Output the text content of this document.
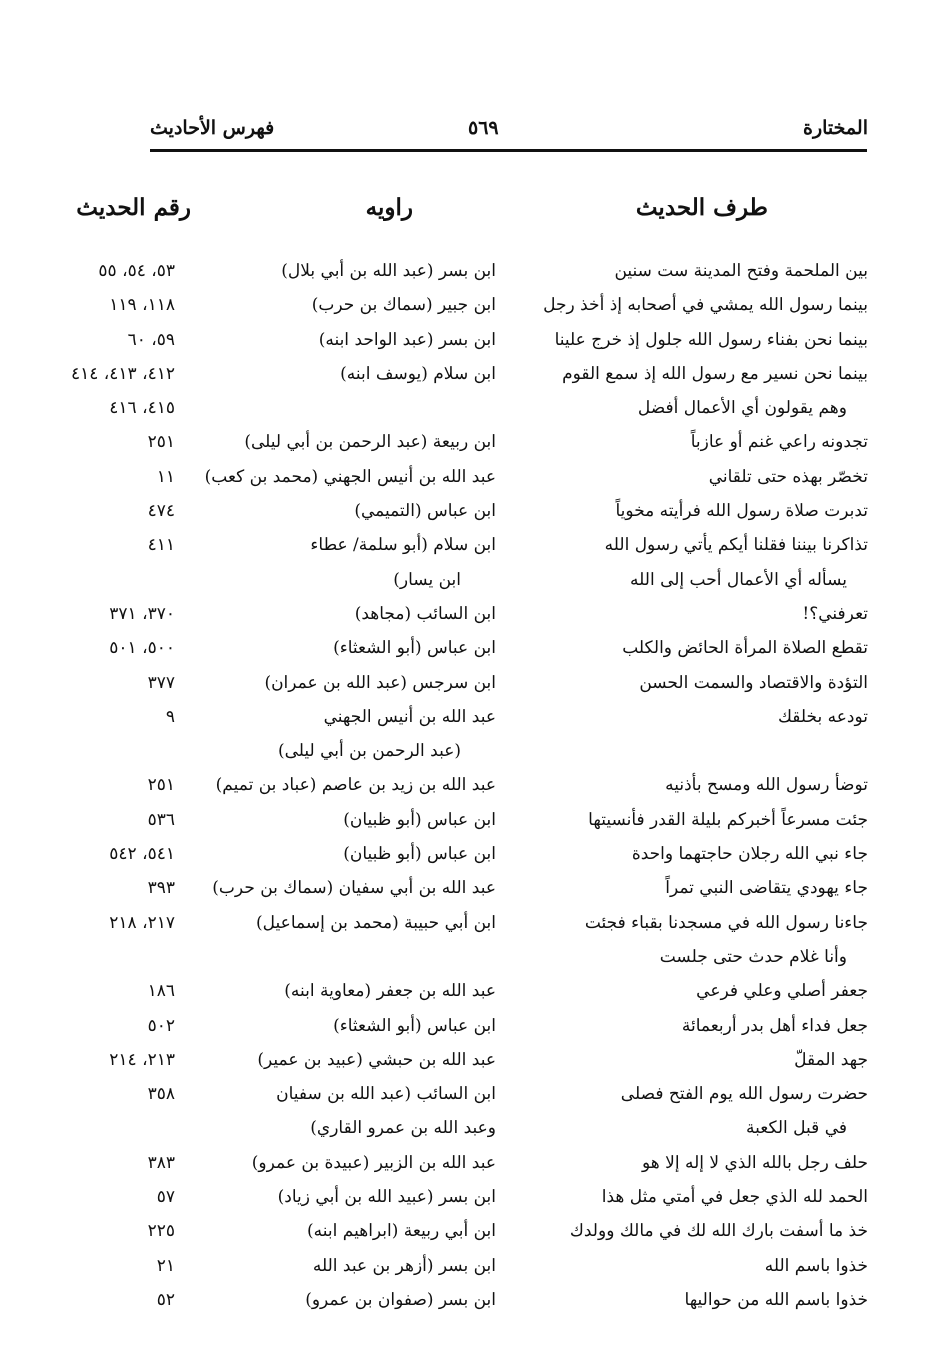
المختارة
٥٦٩
فهرس الأحاديث
طرف الحديث
راويه
رقم الحديث
بين الملحمة وفتح المدينة ست سنين
ابن بسر (عبد الله بن أبي بلال)
٥٣، ٥٤، ٥٥
بينما رسول الله يمشي في أصحابه إذ أخذ رجل
ابن جبير (سماك بن حرب)
١١٨، ١١٩
بينما نحن بفناء رسول الله جلول إذ خرج علينا
ابن بسر (عبد الواحد ابنه)
٥٩، ٦٠
بينما نحن نسير مع رسول الله إذ سمع القوم
ابن سلام (يوسف ابنه)
٤١٢، ٤١٣، ٤١٤
وهم يقولون أي الأعمال أفضل
٤١٥، ٤١٦
تجدونه راعي غنم أو عازباً
ابن ربيعة (عبد الرحمن بن أبي ليلى)
٢٥١
تخصّر بهذه حتى تلقاني
عبد الله بن أنيس الجهني (محمد بن كعب)
١١
تدبرت صلاة رسول الله فرأيته مخوياً
ابن عباس (التميمي)
٤٧٤
تذاكرنا بيننا فقلنا أيكم يأتي رسول الله
ابن سلام (أبو سلمة/ عطاء
٤١١
يسأله أي الأعمال أحب إلى الله
ابن يسار)
تعرفني؟!
ابن السائب (مجاهد)
٣٧٠، ٣٧١
تقطع الصلاة المرأة الحائض والكلب
ابن عباس (أبو الشعثاء)
٥٠٠، ٥٠١
التؤدة والاقتصاد والسمت الحسن
ابن سرجس (عبد الله بن عمران)
٣٧٧
تودعه بخلقك
عبد الله بن أنيس الجهني
٩
(عبد الرحمن بن أبي ليلى)
توضأ رسول الله ومسح بأذنيه
عبد الله بن زيد بن عاصم (عباد بن تميم)
٢٥١
جئت مسرعاً أخبركم بليلة القدر فأنسيتها
ابن عباس (أبو ظبيان)
٥٣٦
جاء نبي الله رجلان حاجتهما واحدة
ابن عباس (أبو ظبيان)
٥٤١، ٥٤٢
جاء يهودي يتقاضى النبي تمراً
عبد الله بن أبي سفيان (سماك بن حرب)
٣٩٣
جاءنا رسول الله في مسجدنا بقباء فجئت
ابن أبي حبيبة (محمد بن إسماعيل)
٢١٧، ٢١٨
وأنا غلام حدث حتى جلست
جعفر أصلي وعلي فرعي
عبد الله بن جعفر (معاوية ابنه)
١٨٦
جعل فداء أهل بدر أربعمائة
ابن عباس (أبو الشعثاء)
٥٠٢
جهد المقلّ
عبد الله بن حبشي (عبيد بن عمير)
٢١٣، ٢١٤
حضرت رسول الله يوم الفتح فصلى
ابن السائب (عبد الله بن سفيان
٣٥٨
في قبل الكعبة
وعبد الله بن عمرو القاري)
حلف رجل بالله الذي لا إله إلا هو
عبد الله بن الزبير (عبيدة بن عمرو)
٣٨٣
الحمد لله الذي جعل في أمتي مثل هذا
ابن بسر (عبيد الله بن أبي زياد)
٥٧
خذ ما أسفت بارك الله لك في مالك وولدك
ابن أبي ربيعة (ابراهيم ابنه)
٢٢٥
خذوا باسم الله
ابن بسر (أزهر بن عبد الله
٢١
خذوا باسم الله من حواليها
ابن بسر (صفوان بن عمرو)
٥٢
